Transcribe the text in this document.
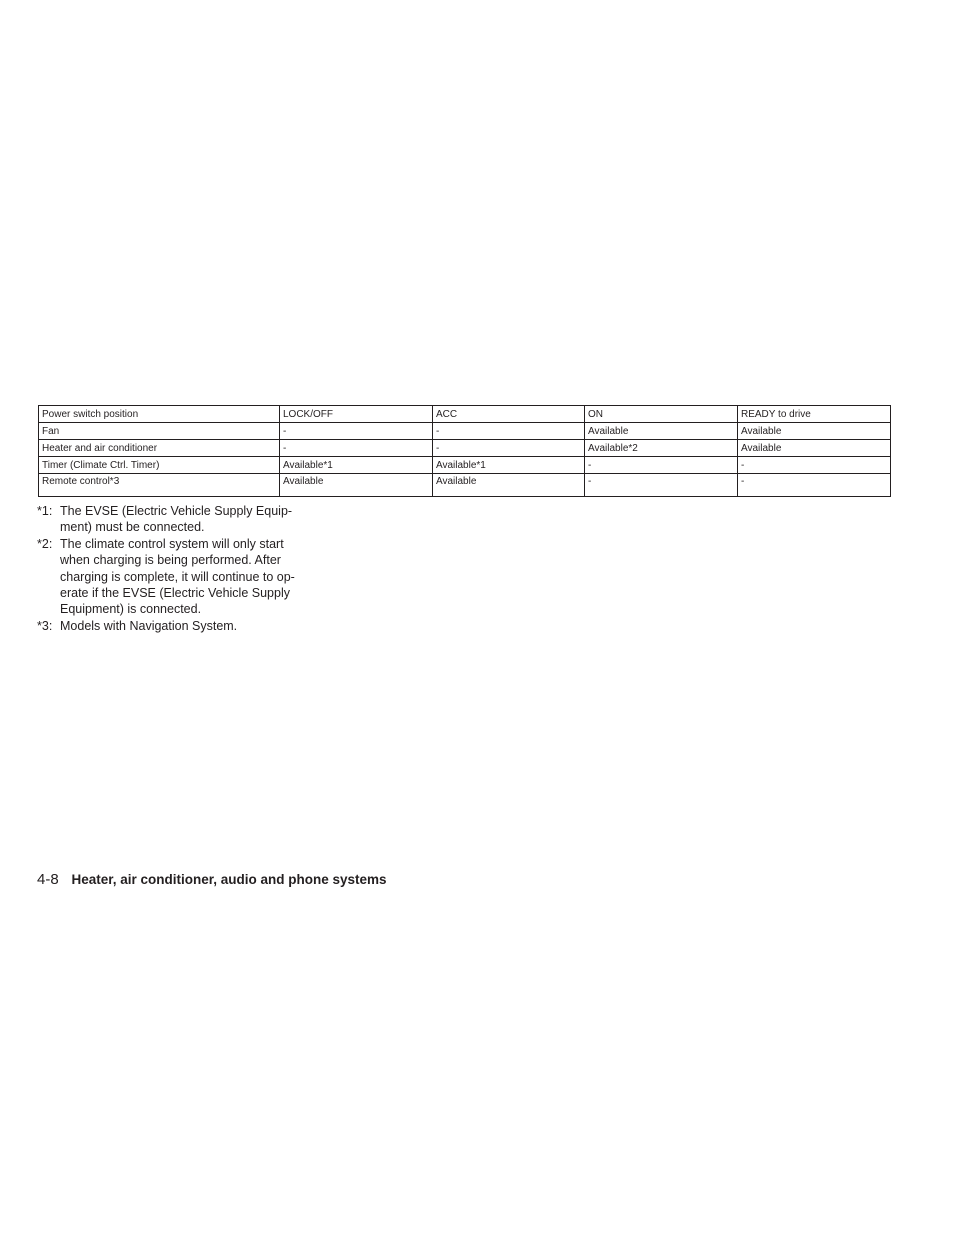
Power switch position	LOCK/OFF	ACC	ON	READY to drive
Fan	-	-	Available	Available
Heater and air conditioner	-	-	Available*2	Available
Timer (Climate Ctrl. Timer)	Available*1	Available*1	-	-
Remote control*3	Available	Available	-	-
*1: The EVSE (Electric Vehicle Supply Equip-
ment) must be connected.
*2: The climate control system will only start
when charging is being performed. After
charging is complete, it will continue to op-
erate if the EVSE (Electric Vehicle Supply
Equipment) is connected.
*3: Models with Navigation System.
4-8 Heater, air conditioner, audio and phone systems
